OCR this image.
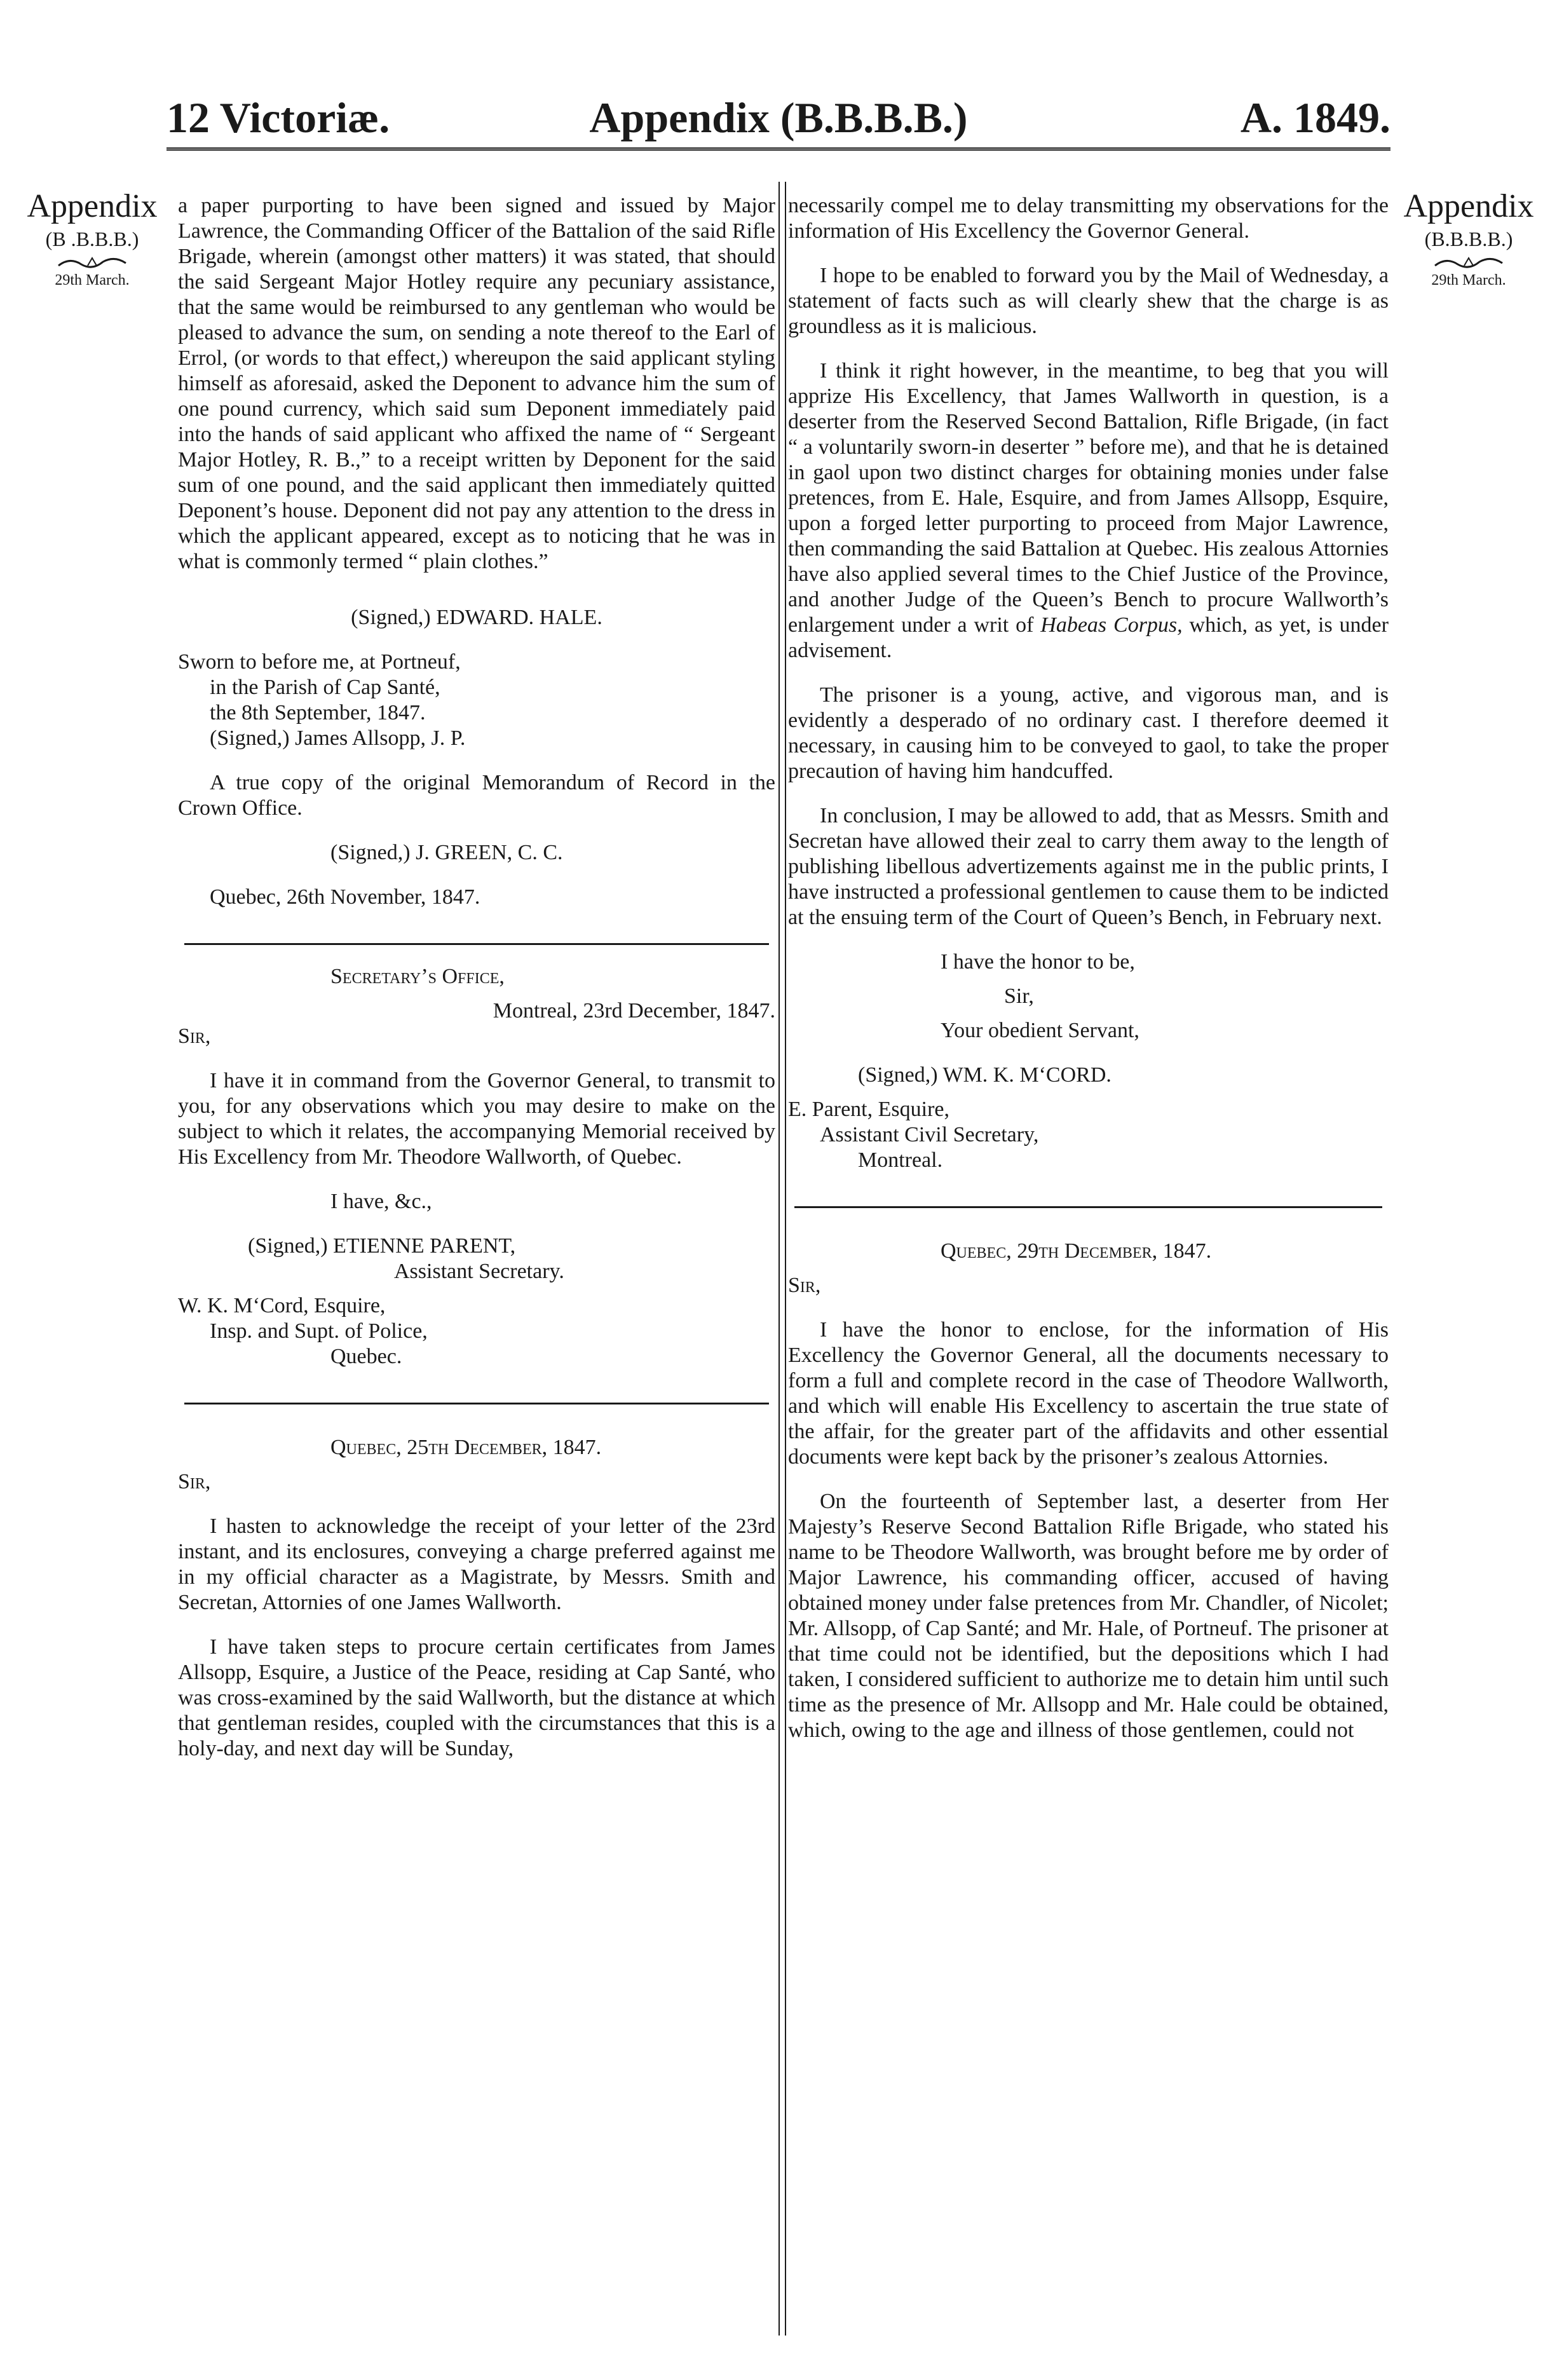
12 Victoriæ.	Appendix (B.B.B.B.)	A. 1849.
Appendix
(B .B.B.B.)
29th March.
Appendix
(B.B.B.B.)
29th March.

a paper purporting to have been signed and issued by Major Lawrence, the Commanding Officer of the Battalion of the said Rifle Brigade, wherein (amongst other matters) it was stated, that should the said Sergeant Major Hotley require any pecuniary assistance, that the same would be reimbursed to any gentleman who would be pleased to advance the sum, on sending a note thereof to the Earl of Errol, (or words to that effect,) whereupon the said applicant styling himself as aforesaid, asked the Deponent to advance him the sum of one pound currency, which said sum Deponent immediately paid into the hands of said applicant who affixed the name of “ Sergeant Major Hotley, R. B.,” to a receipt written by Deponent for the said sum of one pound, and the said applicant then immediately quitted Deponent’s house. Deponent did not pay any attention to the dress in which the applicant appeared, except as to noticing that he was in what is commonly termed “ plain clothes.”

(Signed,) EDWARD. HALE.

Sworn to before me, at Portneuf,

in the Parish of Cap Santé,

the 8th September, 1847.

(Signed,) James Allsopp, J. P.

A true copy of the original Memorandum of Record in the Crown Office.

(Signed,) J. GREEN, C. C.

Quebec, 26th November, 1847.

Secretary’s Office,

Montreal, 23rd December, 1847.

Sir,

I have it in command from the Governor General, to transmit to you, for any observations which you may desire to make on the subject to which it relates, the accompanying Memorial received by His Excellency from Mr. Theodore Wallworth, of Quebec.

I have, &c.,

(Signed,) ETIENNE PARENT,

Assistant Secretary.

W. K. M‘Cord, Esquire,

Insp. and Supt. of Police,

Quebec.

Quebec, 25th December, 1847.

Sir,

I hasten to acknowledge the receipt of your letter of the 23rd instant, and its enclosures, conveying a charge preferred against me in my official character as a Magistrate, by Messrs. Smith and Secretan, Attornies of one James Wallworth.

I have taken steps to procure certain certificates from James Allsopp, Esquire, a Justice of the Peace, residing at Cap Santé, who was cross-examined by the said Wallworth, but the distance at which that gentleman resides, coupled with the circumstances that this is a holy-day, and next day will be Sunday,

necessarily compel me to delay transmitting my observations for the information of His Excellency the Governor General.

I hope to be enabled to forward you by the Mail of Wednesday, a statement of facts such as will clearly shew that the charge is as groundless as it is malicious.

I think it right however, in the meantime, to beg that you will apprize His Excellency, that James Wallworth in question, is a deserter from the Reserved Second Battalion, Rifle Brigade, (in fact “ a voluntarily sworn-in deserter ” before me), and that he is detained in gaol upon two distinct charges for obtaining monies under false pretences, from E. Hale, Esquire, and from James Allsopp, Esquire, upon a forged letter purporting to proceed from Major Lawrence, then commanding the said Battalion at Quebec. His zealous Attornies have also applied several times to the Chief Justice of the Province, and another Judge of the Queen’s Bench to procure Wallworth’s enlargement under a writ of Habeas Corpus, which, as yet, is under advisement.

The prisoner is a young, active, and vigorous man, and is evidently a desperado of no ordinary cast. I therefore deemed it necessary, in causing him to be conveyed to gaol, to take the proper precaution of having him handcuffed.

In conclusion, I may be allowed to add, that as Messrs. Smith and Secretan have allowed their zeal to carry them away to the length of publishing libellous advertizements against me in the public prints, I have instructed a professional gentlemen to cause them to be indicted at the ensuing term of the Court of Queen’s Bench, in February next.

I have the honor to be,

Sir,

Your obedient Servant,

(Signed,) WM. K. M‘CORD.

E. Parent, Esquire,

Assistant Civil Secretary,

Montreal.

Quebec, 29th December, 1847.

Sir,

I have the honor to enclose, for the information of His Excellency the Governor General, all the documents necessary to form a full and complete record in the case of Theodore Wallworth, and which will enable His Excellency to ascertain the true state of the affair, for the greater part of the affidavits and other essential documents were kept back by the prisoner’s zealous Attornies.

On the fourteenth of September last, a deserter from Her Majesty’s Reserve Second Battalion Rifle Brigade, who stated his name to be Theodore Wallworth, was brought before me by order of Major Lawrence, his commanding officer, accused of having obtained money under false pretences from Mr. Chandler, of Nicolet; Mr. Allsopp, of Cap Santé; and Mr. Hale, of Portneuf. The prisoner at that time could not be identified, but the depositions which I had taken, I considered sufficient to authorize me to detain him until such time as the presence of Mr. Allsopp and Mr. Hale could be obtained, which, owing to the age and illness of those gentlemen, could not
